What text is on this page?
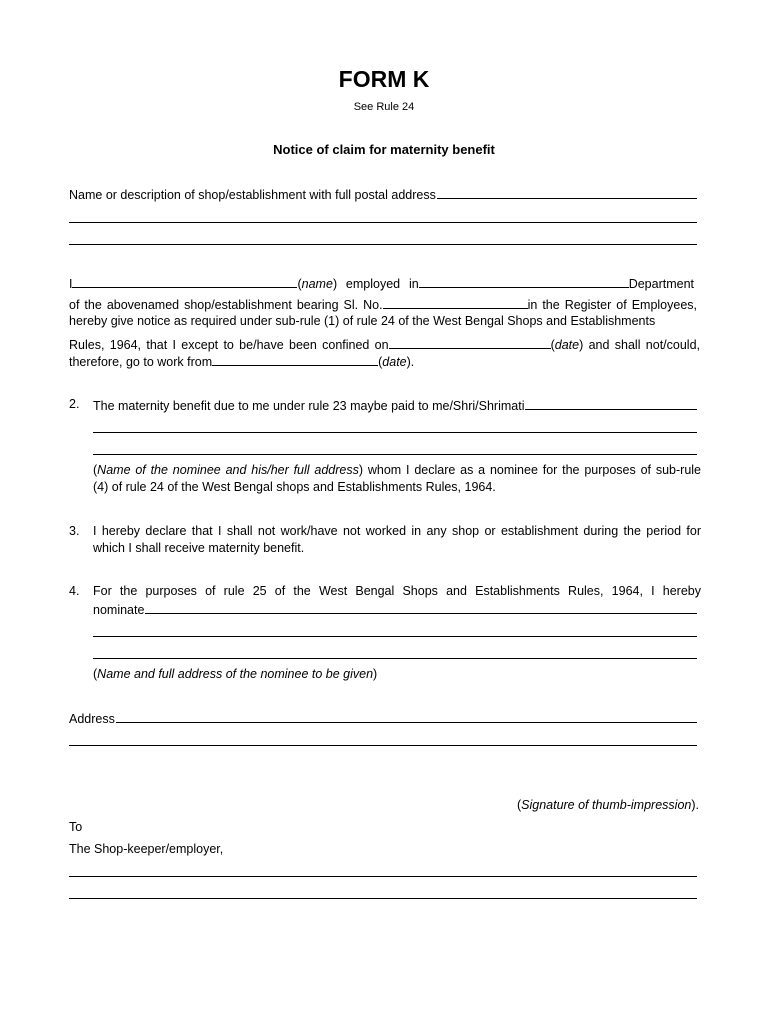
FORM K
See Rule 24
Notice of claim for maternity benefit
Name or description of shop/establishment with full postal address
I	(name) employed in	Department
of the abovenamed shop/establishment bearing Sl. No.	in the Register of Employees,
hereby give notice as required under sub-rule (1) of rule 24 of the West Bengal Shops and Establishments
Rules, 1964, that I except to be/have been confined on	(date) and shall not/could,
therefore, go to work from	(date).
2. The maternity benefit due to me under rule 23 maybe paid to me/Shri/Shrimati
(Name of the nominee and his/her full address) whom I declare as a nominee for the purposes of sub-rule
(4) of rule 24 of the West Bengal shops and Establishments Rules, 1964.
3. I hereby declare that I shall not work/have not worked in any shop or establishment during the period for
which I shall receive maternity benefit.
4. For the purposes of rule 25 of the West Bengal Shops and Establishments Rules, 1964, I hereby
nominate
(Name and full address of the nominee to be given)
Address
(Signature of thumb-impression).
To
The Shop-keeper/employer,
